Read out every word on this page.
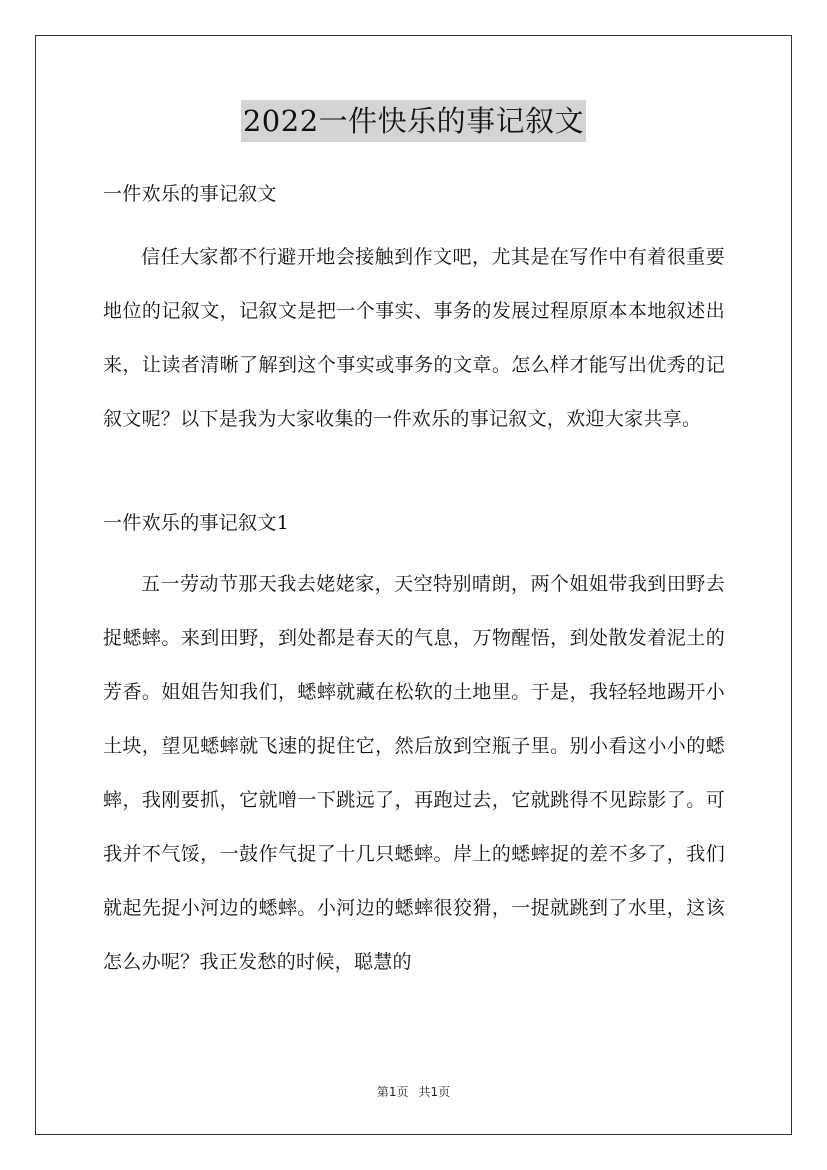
2022一件快乐的事记叙文

一件欢乐的事记叙文

信任大家都不行避开地会接触到作文吧，尤其是在写作中有着很重要地位的记叙文，记叙文是把一个事实、事务的发展过程原原本本地叙述出来，让读者清晰了解到这个事实或事务的文章。怎么样才能写出优秀的记叙文呢？以下是我为大家收集的一件欢乐的事记叙文，欢迎大家共享。

一件欢乐的事记叙文1

五一劳动节那天我去姥姥家，天空特别晴朗，两个姐姐带我到田野去捉蟋蟀。来到田野，到处都是春天的气息，万物醒悟，到处散发着泥土的芳香。姐姐告知我们，蟋蟀就藏在松软的土地里。于是，我轻轻地踢开小土块，望见蟋蟀就飞速的捉住它，然后放到空瓶子里。别小看这小小的蟋蟀，我刚要抓，它就噌一下跳远了，再跑过去，它就跳得不见踪影了。可我并不气馁，一鼓作气捉了十几只蟋蟀。岸上的蟋蟀捉的差不多了，我们就起先捉小河边的蟋蟀。小河边的蟋蟀很狡猾，一捉就跳到了水里，这该怎么办呢？我正发愁的时候，聪慧的

第1页 共1页
